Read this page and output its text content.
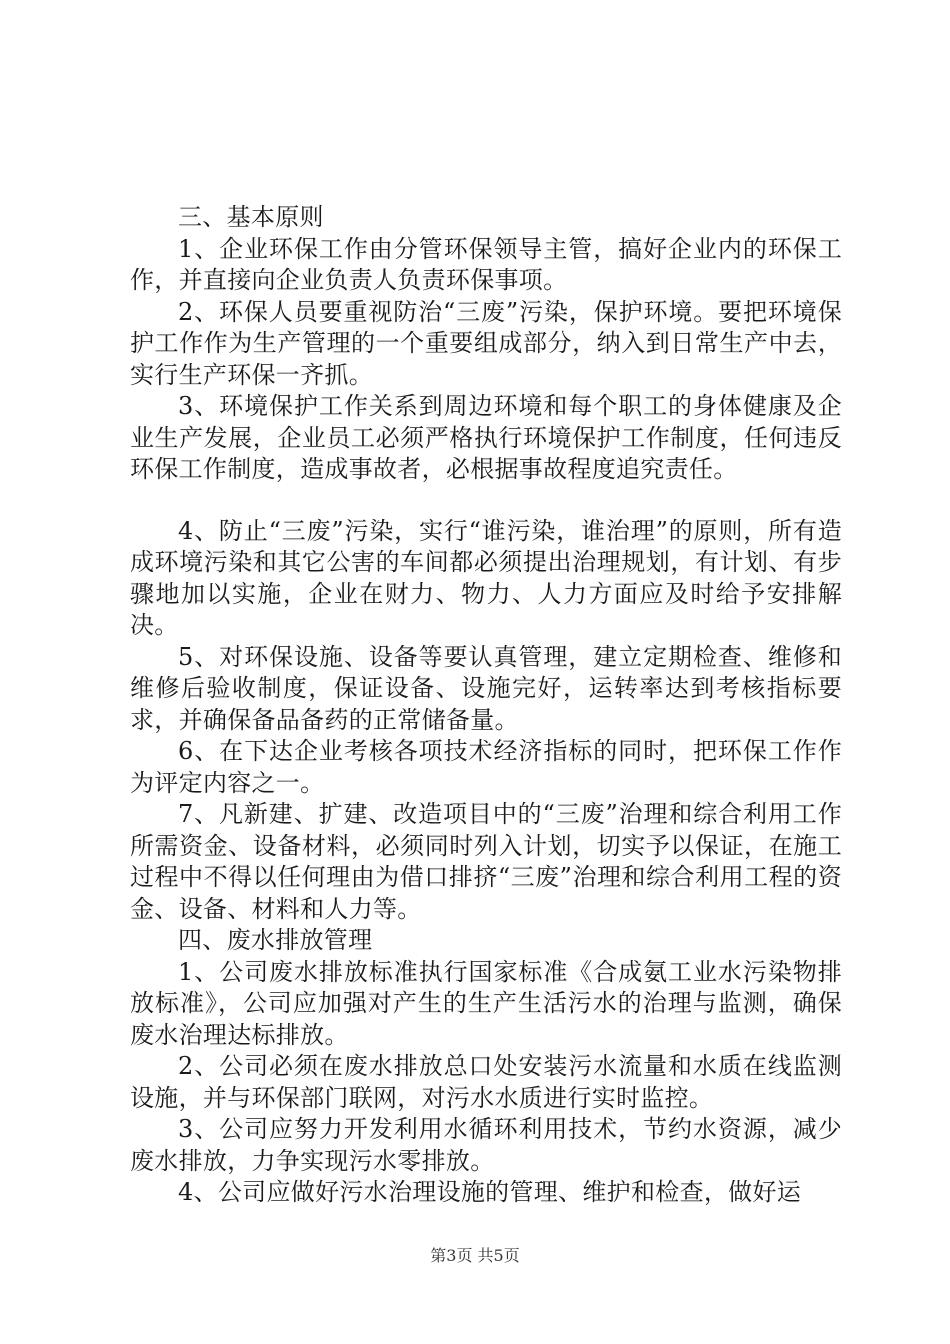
三、基本原则

1、企业环保工作由分管环保领导主管，搞好企业内的环保工作，并直接向企业负责人负责环保事项。

2、环保人员要重视防治“三废”污染，保护环境。要把环境保护工作作为生产管理的一个重要组成部分，纳入到日常生产中去，实行生产环保一齐抓。

3、环境保护工作关系到周边环境和每个职工的身体健康及企业生产发展，企业员工必须严格执行环境保护工作制度，任何违反环保工作制度，造成事故者，必根据事故程度追究责任。

4、防止“三废”污染，实行“谁污染，谁治理”的原则，所有造成环境污染和其它公害的车间都必须提出治理规划，有计划、有步骤地加以实施，企业在财力、物力、人力方面应及时给予安排解决。

5、对环保设施、设备等要认真管理，建立定期检查、维修和维修后验收制度，保证设备、设施完好，运转率达到考核指标要求，并确保备品备药的正常储备量。

6、在下达企业考核各项技术经济指标的同时，把环保工作作为评定内容之一。

7、凡新建、扩建、改造项目中的“三废”治理和综合利用工作所需资金、设备材料，必须同时列入计划，切实予以保证，在施工过程中不得以任何理由为借口排挤“三废”治理和综合利用工程的资金、设备、材料和人力等。

四、废水排放管理

1、公司废水排放标准执行国家标准《合成氨工业水污染物排放标准》，公司应加强对产生的生产生活污水的治理与监测，确保废水治理达标排放。

2、公司必须在废水排放总口处安装污水流量和水质在线监测设施，并与环保部门联网，对污水水质进行实时监控。

3、公司应努力开发利用水循环利用技术，节约水资源，减少废水排放，力争实现污水零排放。

4、公司应做好污水治理设施的管理、维护和检查，做好运

第3页 共5页
